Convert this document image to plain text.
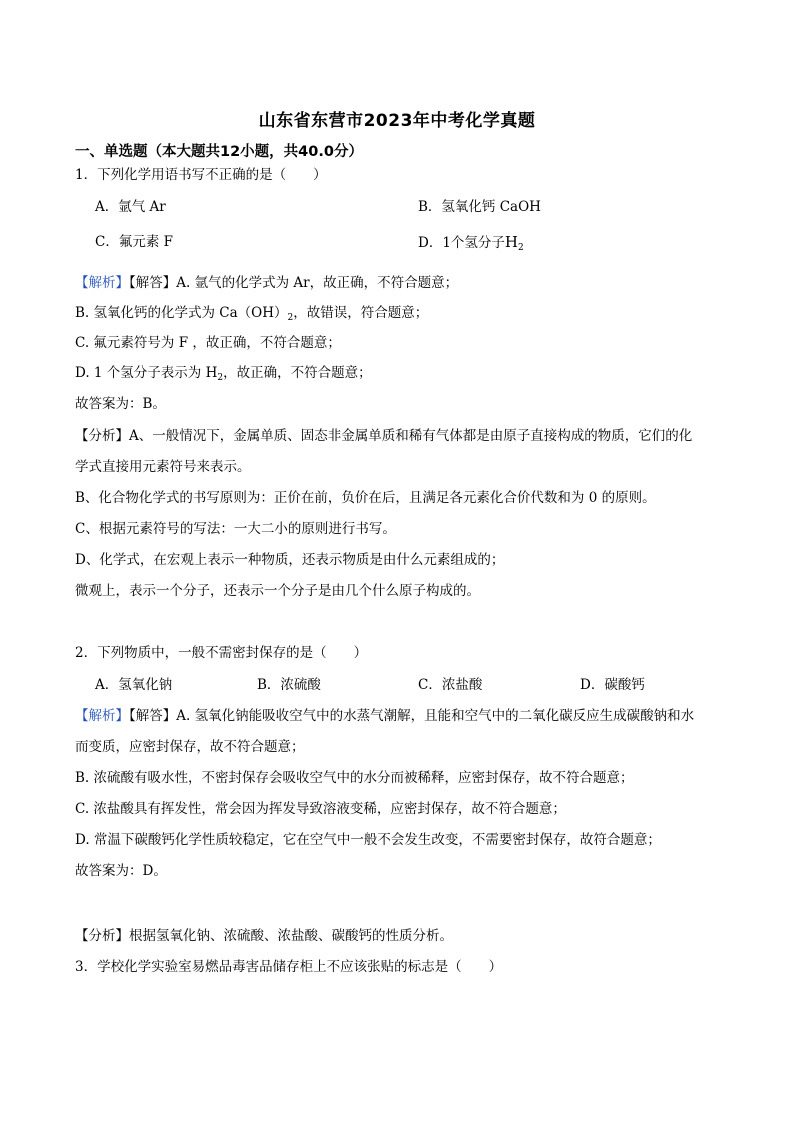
山东省东营市2023年中考化学真题
一、单选题（本大题共12小题，共40.0分）
1．下列化学用语书写不正确的是（　　）
A．氩气 Ar	B．氢氧化钙 CaOH
C．氟元素 F	D．1个氢分子$H_2$
【解析】【解答】A. 氩气的化学式为 Ar，故正确，不符合题意；
B. 氢氧化钙的化学式为 $Ca(OH)_2$，故错误，符合题意；
C. 氟元素符号为 F ，故正确，不符合题意；
D. 1 个氢分子表示为 $H_2$，故正确，不符合题意；
故答案为：B。
【分析】A、一般情况下，金属单质、固态非金属单质和稀有气体都是由原子直接构成的物质，它们的化
学式直接用元素符号来表示。
B、化合物化学式的书写原则为：正价在前，负价在后，且满足各元素化合价代数和为 0 的原则。
C、根据元素符号的写法：一大二小的原则进行书写。
D、化学式，在宏观上表示一种物质，还表示物质是由什么元素组成的；
微观上，表示一个分子，还表示一个分子是由几个什么原子构成的。
2．下列物质中，一般不需密封保存的是（　　）
A．氢氧化钠	B．浓硫酸	C．浓盐酸	D．碳酸钙
【解析】【解答】A. 氢氧化钠能吸收空气中的水蒸气潮解，且能和空气中的二氧化碳反应生成碳酸钠和水
而变质，应密封保存，故不符合题意；
B. 浓硫酸有吸水性，不密封保存会吸收空气中的水分而被稀释，应密封保存，故不符合题意；
C. 浓盐酸具有挥发性，常会因为挥发导致溶液变稀，应密封保存，故不符合题意；
D. 常温下碳酸钙化学性质较稳定，它在空气中一般不会发生改变，不需要密封保存，故符合题意；
故答案为：D。
【分析】根据氢氧化钠、浓硫酸、浓盐酸、碳酸钙的性质分析。
3．学校化学实验室易燃品毒害品储存柜上不应该张贴的标志是（　　）
